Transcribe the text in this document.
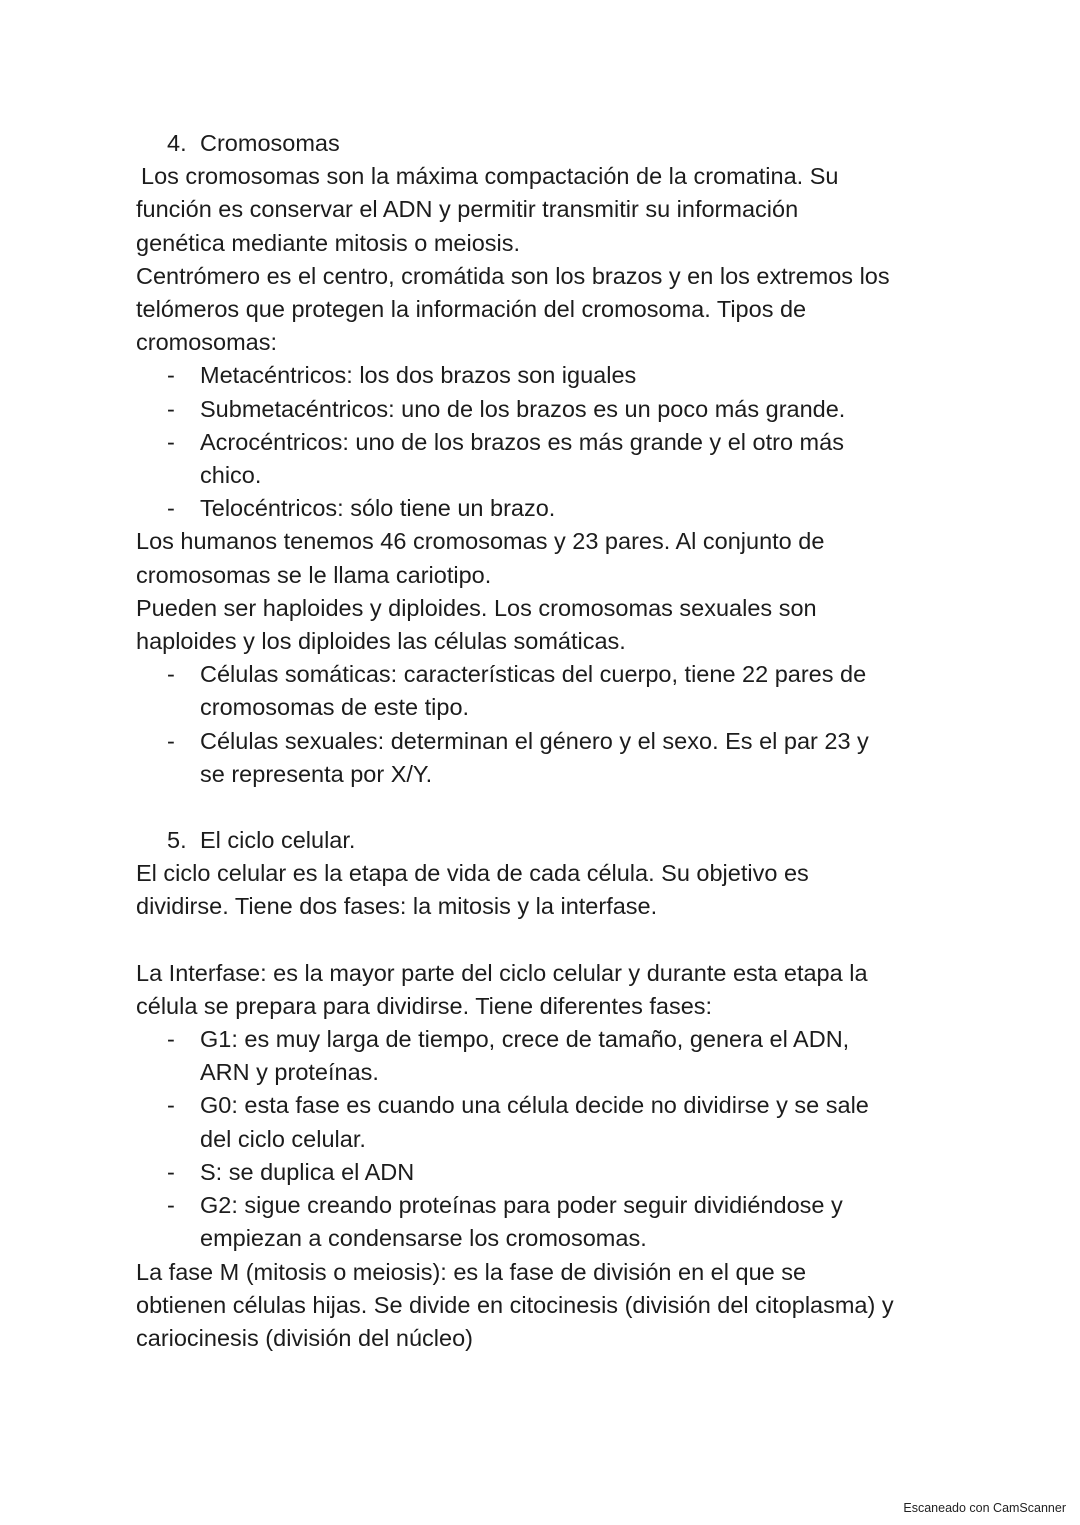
4. Cromosomas
Los cromosomas son la máxima compactación de la cromatina. Su
función es conservar el ADN y permitir transmitir su información
genética mediante mitosis o meiosis.
Centrómero es el centro, cromátida son los brazos y en los extremos los
telómeros que protegen la información del cromosoma. Tipos de
cromosomas:
- Metacéntricos: los dos brazos son iguales
- Submetacéntricos: uno de los brazos es un poco más grande.
- Acrocéntricos: uno de los brazos es más grande y el otro más
chico.
- Telocéntricos: sólo tiene un brazo.
Los humanos tenemos 46 cromosomas y 23 pares. Al conjunto de
cromosomas se le llama cariotipo.
Pueden ser haploides y diploides. Los cromosomas sexuales son
haploides y los diploides las células somáticas.
- Células somáticas: características del cuerpo, tiene 22 pares de
cromosomas de este tipo.
- Células sexuales: determinan el género y el sexo. Es el par 23 y
se representa por X/Y.
5. El ciclo celular.
El ciclo celular es la etapa de vida de cada célula. Su objetivo es
dividirse. Tiene dos fases: la mitosis y la interfase.
La Interfase: es la mayor parte del ciclo celular y durante esta etapa la
célula se prepara para dividirse. Tiene diferentes fases:
- G1: es muy larga de tiempo, crece de tamaño, genera el ADN,
ARN y proteínas.
- G0: esta fase es cuando una célula decide no dividirse y se sale
del ciclo celular.
- S: se duplica el ADN
- G2: sigue creando proteínas para poder seguir dividiéndose y
empiezan a condensarse los cromosomas.
La fase M (mitosis o meiosis): es la fase de división en el que se
obtienen células hijas. Se divide en citocinesis (división del citoplasma) y
cariocinesis (división del núcleo)
Escaneado con CamScanner
